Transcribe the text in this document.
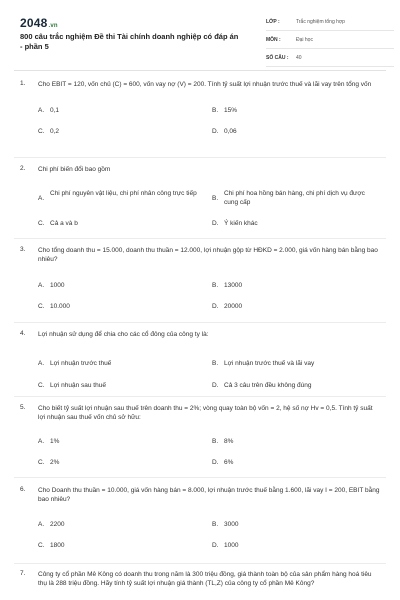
2048.vn
800 câu trắc nghiệm Đề thi Tài chính doanh nghiệp có đáp án - phần 5
LỚP :	Trắc nghiệm tổng hợp
MÔN :	Đại học
SỐ CÂU : 40
1. Cho EBIT = 120, vốn chủ (C) = 600, vốn vay nợ (V) = 200. Tính tỷ suất lợi nhuận trước thuế và lãi vay trên tổng vốn
A. 0,1	B. 15%
C. 0,2	D. 0,06
2. Chi phí biến đổi bao gồm
A.
Chi phí nguyên vật liệu, chi phí nhân công trực tiếp
B.
Chi phí hoa hồng bán hàng, chi phí dịch vụ được cung cấp
C. Cả a và b	D. Ý kiến khác
3. Cho tổng doanh thu = 15.000, doanh thu thuần = 12.000, lợi nhuận gộp từ HĐKD = 2.000, giá vốn hàng bán bằng bao nhiêu?
A. 1000	B. 13000
C. 10.000	D. 20000
4. Lợi nhuận sử dụng để chia cho các cổ đông của công ty là:
A. Lợi nhuận trước thuế	B. Lợi nhuận trước thuế và lãi vay
C. Lợi nhuận sau thuế	D. Cả 3 câu trên đều không đúng
5. Cho biết tỷ suất lợi nhuận sau thuế trên doanh thu = 2%; vòng quay toàn bộ vốn = 2, hệ số nợ Hv = 0,5. Tính tỷ suất lợi nhuận sau thuế vốn chủ sở hữu:
A. 1%	B. 8%
C. 2%	D. 6%
6. Cho Doanh thu thuần = 10.000, giá vốn hàng bán = 8.000, lợi nhuận trước thuế bằng 1.600, lãi vay I = 200, EBIT bằng bao nhiêu?
A. 2200	B. 3000
C. 1800	D. 1000
7. Công ty cổ phần Mê Kông có doanh thu trong năm là 300 triệu đồng, giá thành toàn bộ của sản phẩm hàng hoá tiêu thụ là 288 triệu đồng. Hãy tính tỷ suất lợi nhuận giá thành (TL,Z) của công ty cổ phần Mê Kông?
